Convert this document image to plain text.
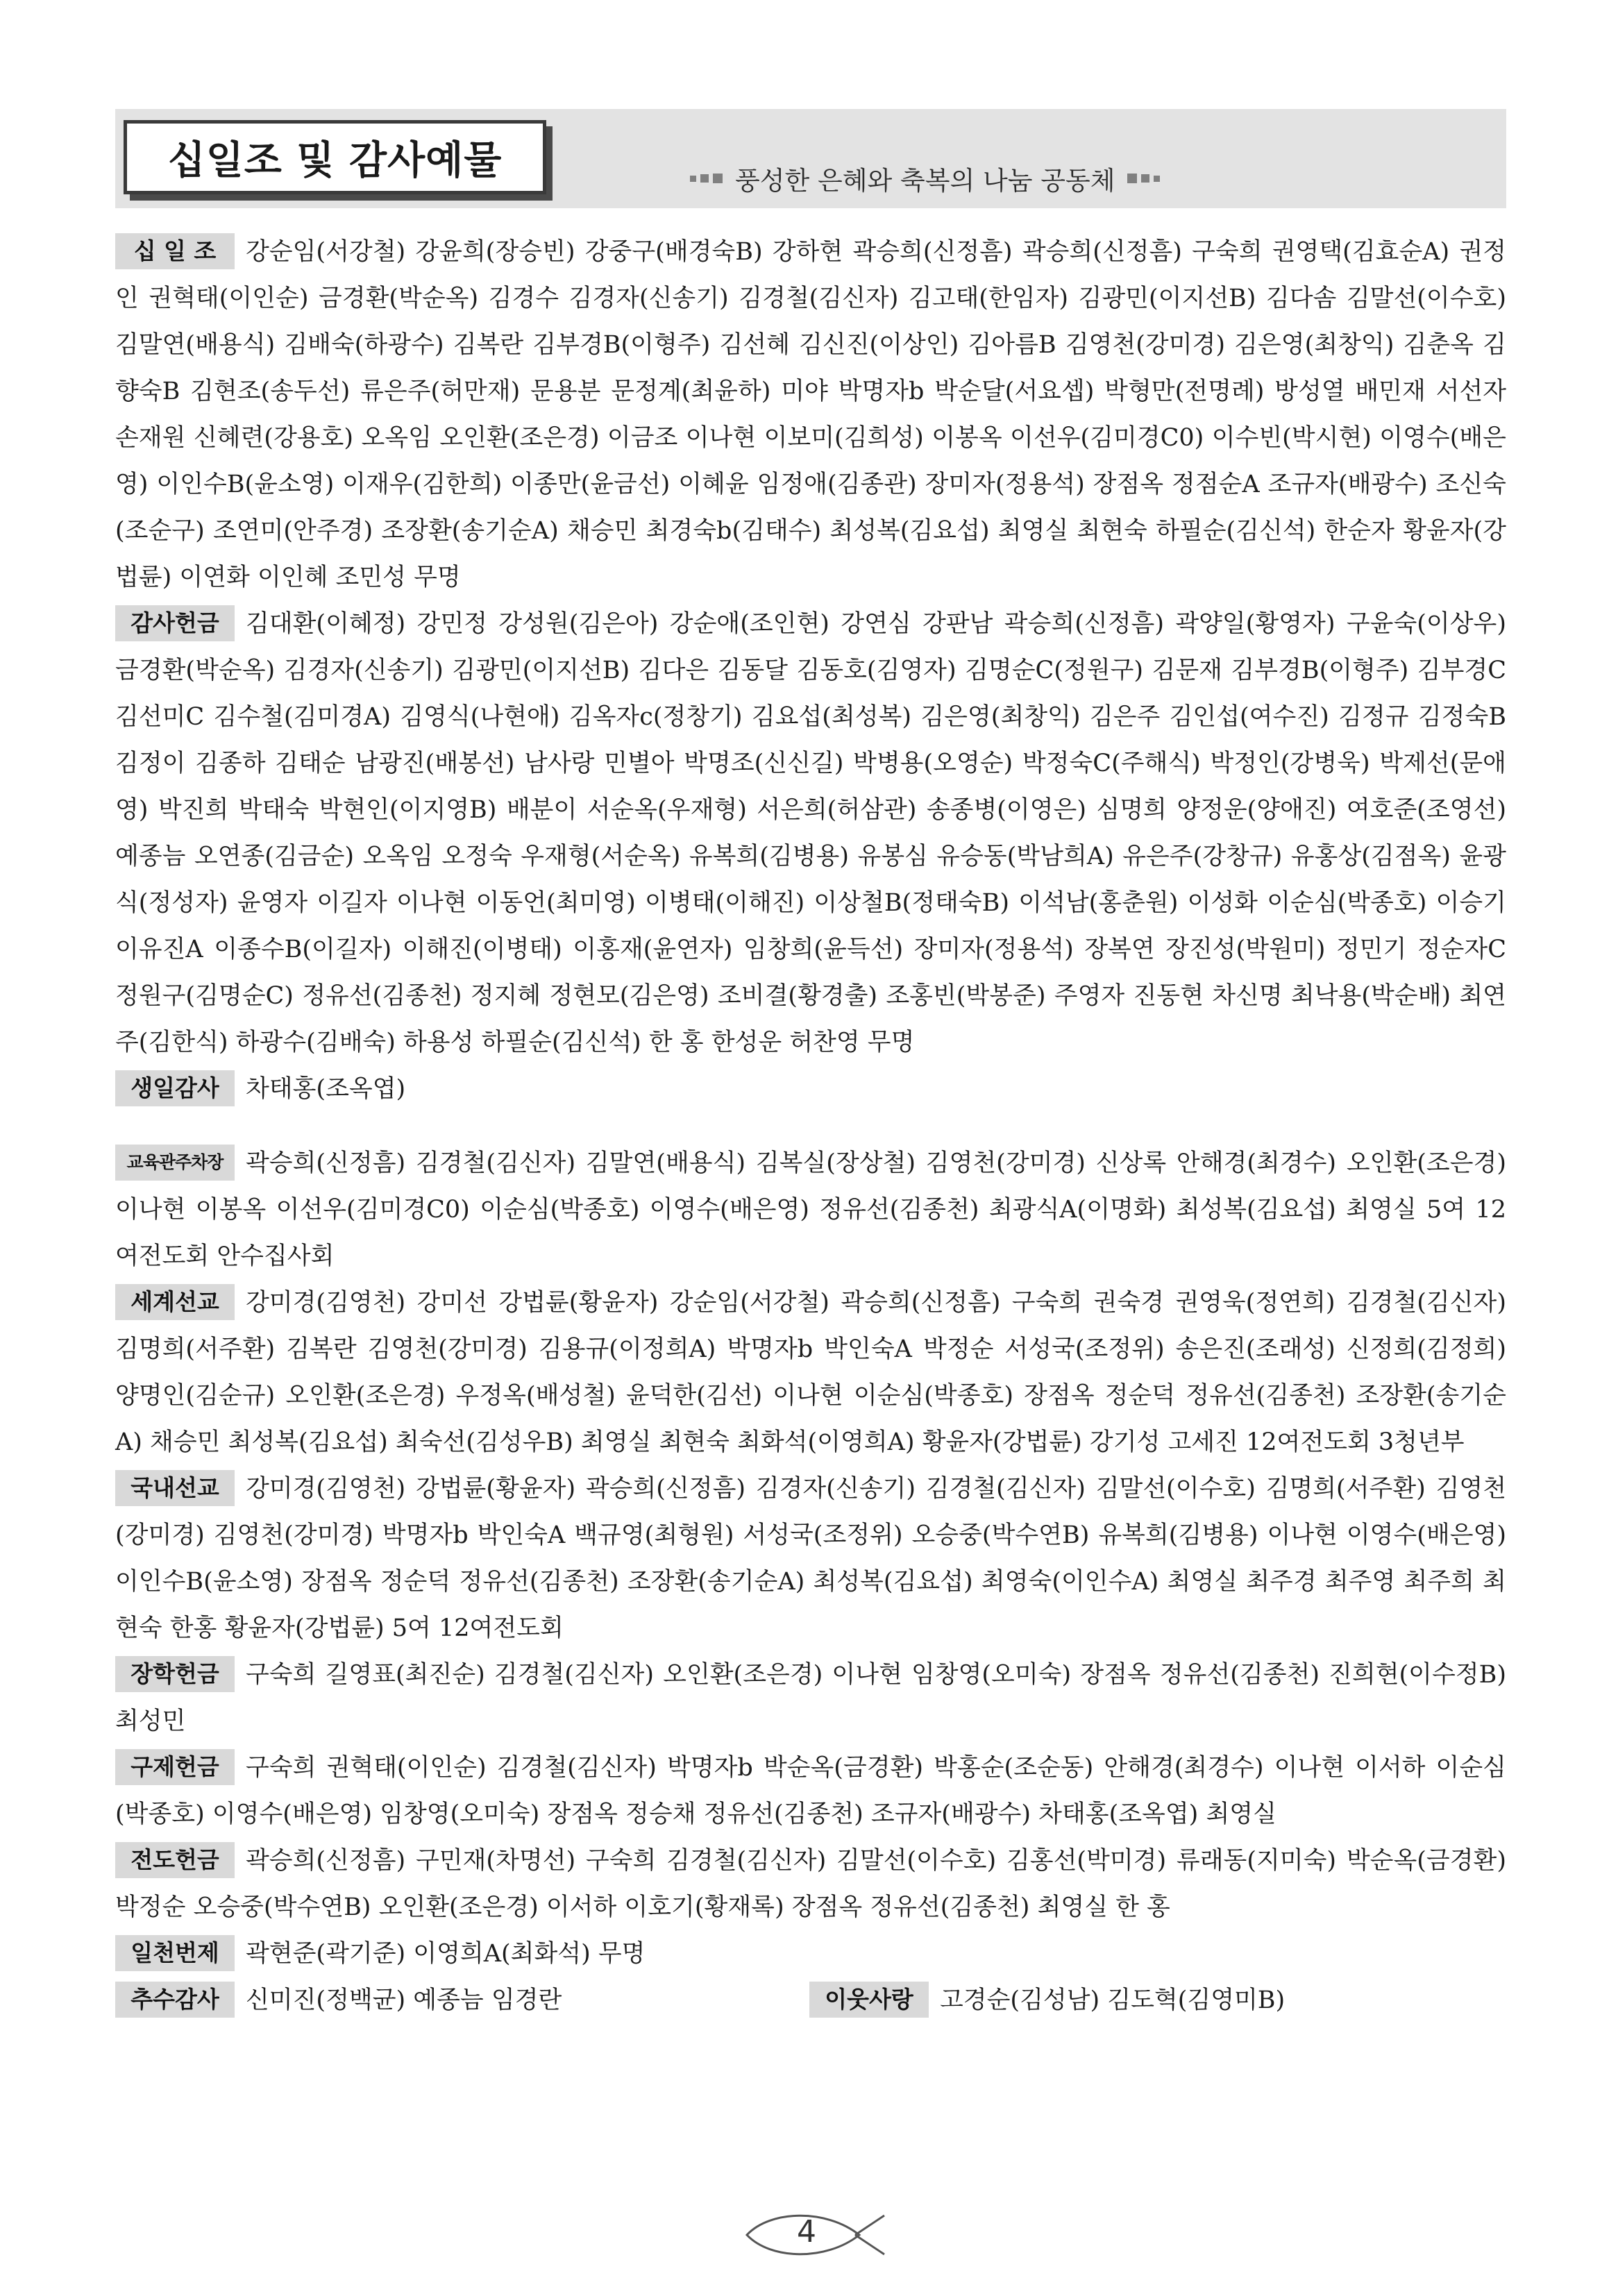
십일조 및 감사예물	풍성한 은혜와 축복의 나눔 공동체
십 일 조 강순임(서강철) 강윤희(장승빈) 강중구(배경숙B) 강하현 곽승희(신정흠) 곽승희(신정흠) 구숙희 권영택(김효순A) 권정인 권혁태(이인순) 금경환(박순옥) 김경수 김경자(신송기) 김경철(김신자) 김고태(한임자) 김광민(이지선B) 김다솜 김말선(이수호) 김말연(배용식) 김배숙(하광수) 김복란 김부경B(이형주) 김선혜 김신진(이상인) 김아름B 김영천(강미경) 김은영(최창익) 김춘옥 김향숙B 김현조(송두선) 류은주(허만재) 문용분 문정계(최윤하) 미야 박명자b 박순달(서요셉) 박형만(전명례) 방성열 배민재 서선자 손재원 신혜련(강용호) 오옥임 오인환(조은경) 이금조 이나현 이보미(김희성) 이봉옥 이선우(김미경C0) 이수빈(박시현) 이영수(배은영) 이인수B(윤소영) 이재우(김한희) 이종만(윤금선) 이혜윤 임정애(김종관) 장미자(정용석) 장점옥 정점순A 조규자(배광수) 조신숙(조순구) 조연미(안주경) 조장환(송기순A) 채승민 최경숙b(김태수) 최성복(김요섭) 최영실 최현숙 하필순(김신석) 한순자 황윤자(강법륜) 이연화 이인혜 조민성 무명
감사헌금 김대환(이혜정) 강민정 강성원(김은아) 강순애(조인현) 강연심 강판남 곽승희(신정흠) 곽양일(황영자) 구윤숙(이상우) 금경환(박순옥) 김경자(신송기) 김광민(이지선B) 김다은 김동달 김동호(김영자) 김명순C(정원구) 김문재 김부경B(이형주) 김부경C 김선미C 김수철(김미경A) 김영식(나현애) 김옥자c(정창기) 김요섭(최성복) 김은영(최창익) 김은주 김인섭(여수진) 김정규 김정숙B 김정이 김종하 김태순 남광진(배봉선) 남사랑 민별아 박명조(신신길) 박병용(오영순) 박정숙C(주해식) 박정인(강병욱) 박제선(문애영) 박진희 박태숙 박현인(이지영B) 배분이 서순옥(우재형) 서은희(허삼관) 송종병(이영은) 심명희 양정운(양애진) 여호준(조영선) 예종늠 오연종(김금순) 오옥임 오정숙 우재형(서순옥) 유복희(김병용) 유봉심 유승동(박남희A) 유은주(강창규) 유홍상(김점옥) 윤광식(정성자) 윤영자 이길자 이나현 이동언(최미영) 이병태(이해진) 이상철B(정태숙B) 이석남(홍춘원) 이성화 이순심(박종호) 이승기 이유진A 이종수B(이길자) 이해진(이병태) 이홍재(윤연자) 임창희(윤득선) 장미자(정용석) 장복연 장진성(박원미) 정민기 정순자C 정원구(김명순C) 정유선(김종천) 정지혜 정현모(김은영) 조비결(황경출) 조홍빈(박봉준) 주영자 진동현 차신명 최낙용(박순배) 최연주(김한식) 하광수(김배숙) 하용성 하필순(김신석) 한 홍 한성운 허찬영 무명
생일감사 차태홍(조옥엽)
교육관주차장 곽승희(신정흠) 김경철(김신자) 김말연(배용식) 김복실(장상철) 김영천(강미경) 신상록 안해경(최경수) 오인환(조은경) 이나현 이봉옥 이선우(김미경C0) 이순심(박종호) 이영수(배은영) 정유선(김종천) 최광식A(이명화) 최성복(김요섭) 최영실 5여 12여전도회 안수집사회
세계선교 강미경(김영천) 강미선 강법륜(황윤자) 강순임(서강철) 곽승희(신정흠) 구숙희 권숙경 권영욱(정연희) 김경철(김신자) 김명희(서주환) 김복란 김영천(강미경) 김용규(이정희A) 박명자b 박인숙A 박정순 서성국(조정위) 송은진(조래성) 신정희(김정희) 양명인(김순규) 오인환(조은경) 우정옥(배성철) 윤덕한(김선) 이나현 이순심(박종호) 장점옥 정순덕 정유선(김종천) 조장환(송기순A) 채승민 최성복(김요섭) 최숙선(김성우B) 최영실 최현숙 최화석(이영희A) 황윤자(강법륜) 강기성 고세진 12여전도회 3청년부
국내선교 강미경(김영천) 강법륜(황윤자) 곽승희(신정흠) 김경자(신송기) 김경철(김신자) 김말선(이수호) 김명희(서주환) 김영천(강미경) 김영천(강미경) 박명자b 박인숙A 백규영(최형원) 서성국(조정위) 오승중(박수연B) 유복희(김병용) 이나현 이영수(배은영) 이인수B(윤소영) 장점옥 정순덕 정유선(김종천) 조장환(송기순A) 최성복(김요섭) 최영숙(이인수A) 최영실 최주경 최주영 최주희 최현숙 한홍 황윤자(강법륜) 5여 12여전도회
장학헌금 구숙희 길영표(최진순) 김경철(김신자) 오인환(조은경) 이나현 임창영(오미숙) 장점옥 정유선(김종천) 진희현(이수정B) 최성민
구제헌금 구숙희 권혁태(이인순) 김경철(김신자) 박명자b 박순옥(금경환) 박홍순(조순동) 안해경(최경수) 이나현 이서하 이순심(박종호) 이영수(배은영) 임창영(오미숙) 장점옥 정승채 정유선(김종천) 조규자(배광수) 차태홍(조옥엽) 최영실
전도헌금 곽승희(신정흠) 구민재(차명선) 구숙희 김경철(김신자) 김말선(이수호) 김홍선(박미경) 류래동(지미숙) 박순옥(금경환) 박정순 오승중(박수연B) 오인환(조은경) 이서하 이호기(황재록) 장점옥 정유선(김종천) 최영실 한 홍
일천번제 곽현준(곽기준) 이영희A(최화석) 무명
추수감사 신미진(정백균) 예종늠 임경란	이웃사랑 고경순(김성남) 김도혁(김영미B)
4
